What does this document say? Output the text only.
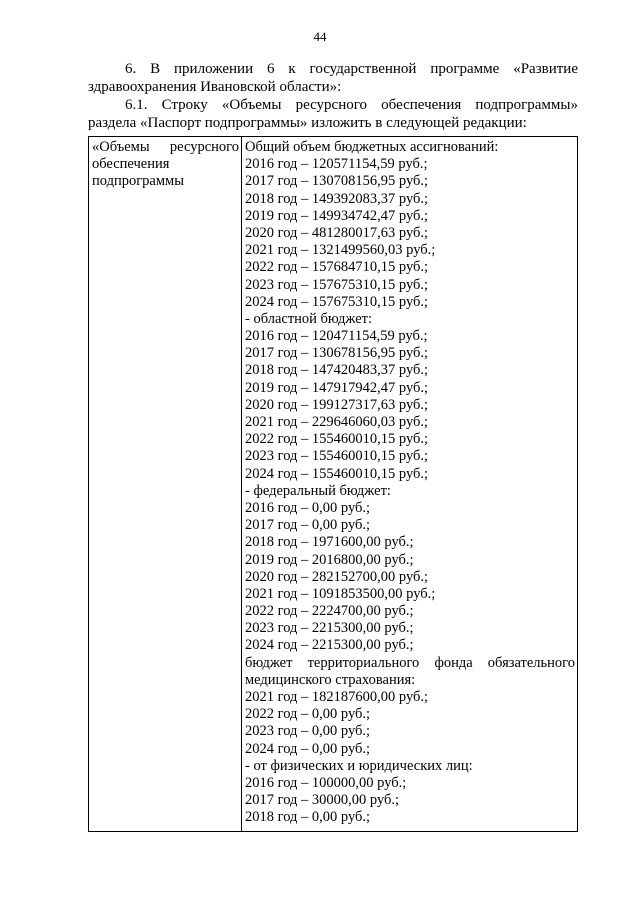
44
6. В приложении 6 к государственной программе «Развитие здравоохранения Ивановской области»:
6.1. Строку «Объемы ресурсного обеспечения подпрограммы» раздела «Паспорт подпрограммы» изложить в следующей редакции:
«Объемы ресурсного
обеспечения
подпрограммы
Общий объем бюджетных ассигнований:
2016 год – 120571154,59 руб.;
2017 год – 130708156,95 руб.;
2018 год – 149392083,37 руб.;
2019 год – 149934742,47 руб.;
2020 год – 481280017,63 руб.;
2021 год – 1321499560,03 руб.;
2022 год – 157684710,15 руб.;
2023 год – 157675310,15 руб.;
2024 год – 157675310,15 руб.;
- областной бюджет:
2016 год – 120471154,59 руб.;
2017 год – 130678156,95 руб.;
2018 год – 147420483,37 руб.;
2019 год – 147917942,47 руб.;
2020 год – 199127317,63 руб.;
2021 год – 229646060,03 руб.;
2022 год – 155460010,15 руб.;
2023 год – 155460010,15 руб.;
2024 год – 155460010,15 руб.;
- федеральный бюджет:
2016 год – 0,00 руб.;
2017 год – 0,00 руб.;
2018 год – 1971600,00 руб.;
2019 год – 2016800,00 руб.;
2020 год – 282152700,00 руб.;
2021 год – 1091853500,00 руб.;
2022 год – 2224700,00 руб.;
2023 год – 2215300,00 руб.;
2024 год – 2215300,00 руб.;
бюджет территориального фонда обязательного медицинского страхования:
2021 год – 182187600,00 руб.;
2022 год – 0,00 руб.;
2023 год – 0,00 руб.;
2024 год – 0,00 руб.;
- от физических и юридических лиц:
2016 год – 100000,00 руб.;
2017 год – 30000,00 руб.;
2018 год – 0,00 руб.;
